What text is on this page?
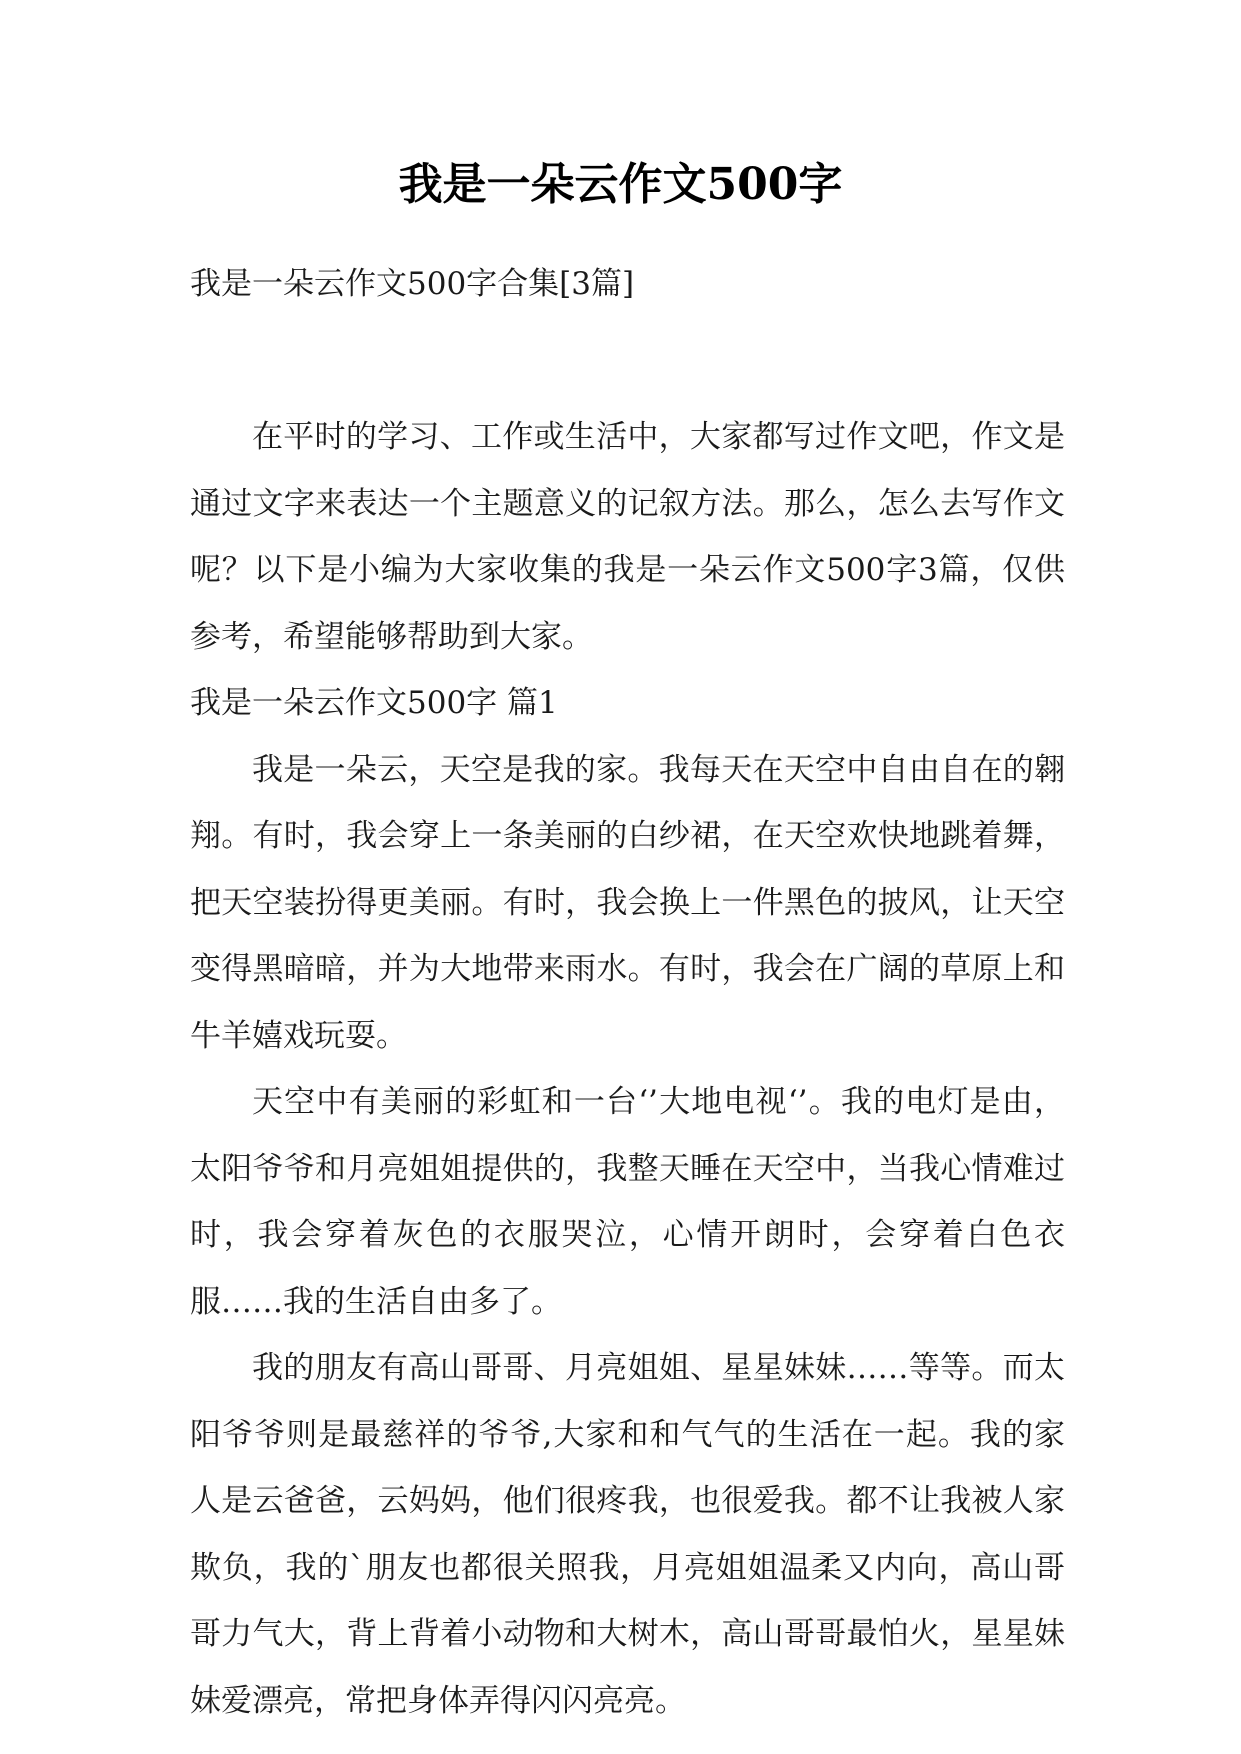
我是一朵云作文500字

我是一朵云作文500字合集[3篇]

在平时的学习、工作或生活中，大家都写过作文吧，作文是通过文字来表达一个主题意义的记叙方法。那么，怎么去写作文呢？以下是小编为大家收集的我是一朵云作文500字3篇，仅供参考，希望能够帮助到大家。

我是一朵云作文500字 篇1

我是一朵云，天空是我的家。我每天在天空中自由自在的翱翔。有时，我会穿上一条美丽的白纱裙，在天空欢快地跳着舞，把天空装扮得更美丽。有时，我会换上一件黑色的披风，让天空变得黑暗暗，并为大地带来雨水。有时，我会在广阔的草原上和牛羊嬉戏玩耍。

天空中有美丽的彩虹和一台‘’大地电视‘’。我的电灯是由，太阳爷爷和月亮姐姐提供的，我整天睡在天空中，当我心情难过时，我会穿着灰色的衣服哭泣，心情开朗时，会穿着白色衣服……我的生活自由多了。

我的朋友有高山哥哥、月亮姐姐、星星妹妹……等等。而太阳爷爷则是最慈祥的爷爷,大家和和气气的生活在一起。我的家人是云爸爸，云妈妈，他们很疼我，也很爱我。都不让我被人家欺负，我的`朋友也都很关照我，月亮姐姐温柔又内向，高山哥哥力气大，背上背着小动物和大树木，高山哥哥最怕火，星星妹妹爱漂亮，常把身体弄得闪闪亮亮。
